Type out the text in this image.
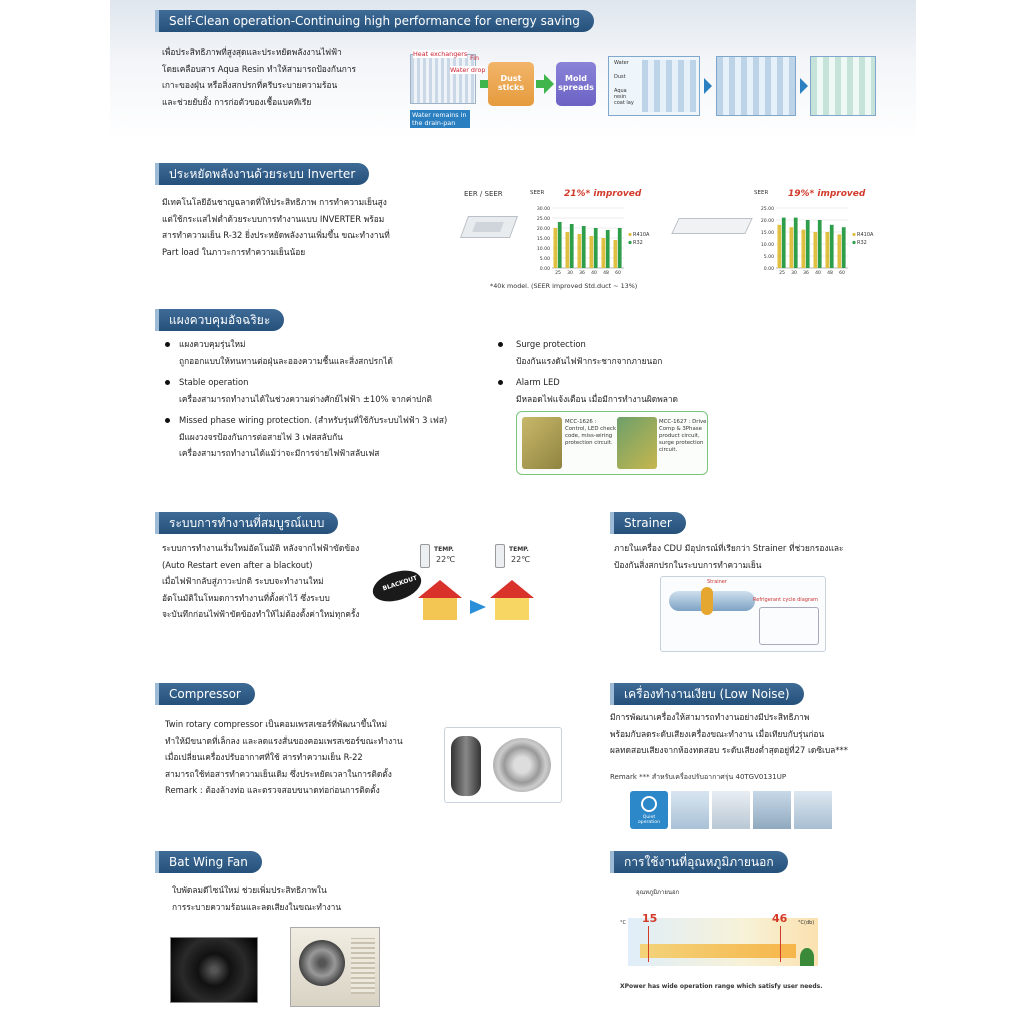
Self-Clean operation-Continuing high performance for energy saving
เพื่อประสิทธิภาพที่สูงสุดและประหยัดพลังงานไฟฟ้า
โดยเคลือบสาร Aqua Resin ทำให้สามารถป้องกันการ
เกาะของฝุ่น หรือสิ่งสกปรกที่ครีบระบายความร้อน
และช่วยยับยั้ง การก่อตัวของเชื้อแบคทีเรีย
Heat exchangers Fin
Water drop
Water remains in the drain-pan
Dust sticks
Mold spreads
Water
Dust
Aqua resin coat lay
ประหยัดพลังงานด้วยระบบ Inverter
มีเทคโนโลยีอันชาญฉลาดที่ให้ประสิทธิภาพ การทำความเย็นสูง
แต่ใช้กระแสไฟต่ำด้วยระบบการทำงานแบบ INVERTER พร้อม
สารทำความเย็น R-32 ยิ่งประหยัดพลังงานเพิ่มขึ้น ขณะทำงานที่
Part load ในภาวะการทำความเย็นน้อย
EER / SEER	SEER 21%* improved
0.00
5.00
10.00
15.00
20.00
25.00
30.00
25 30 36 40 48 60
R410A
R32
*40k model. (SEER improved Std.duct ~ 13%)
SEER 19%* improved
0.00
5.00
10.00
15.00
20.00
25.00
25 30 36 40 48 60
R410A
R32
แผงควบคุมอัจฉริยะ
แผงควบคุมรุ่นใหม่
ถูกออกแบบให้ทนทานต่อฝุ่นละอองความชื้นและสิ่งสกปรกได้
Stable operation
เครื่องสามารถทำงานได้ในช่วงความต่างศักย์ไฟฟ้า ±10% จากค่าปกติ
Missed phase wiring protection. (สำหรับรุ่นที่ใช้กับระบบไฟฟ้า 3 เฟส)
มีแผงวงจรป้องกันการต่อสายไฟ 3 เฟสสลับกัน
เครื่องสามารถทำงานได้แม้ว่าจะมีการจ่ายไฟฟ้าสลับเฟส
Surge protection
ป้องกันแรงดันไฟฟ้ากระชากจากภายนอก
Alarm LED
มีหลอดไฟแจ้งเตือน เมื่อมีการทำงานผิดพลาด
MCC-1626 : Control, LED check code, miss-wiring protection circuit.
MCC-1627 : Drive Comp & 3Phase product circuit, surge protection circuit.
ระบบการทำงานที่สมบูรณ์แบบ
ระบบการทำงานเริ่มใหม่อัตโนมัติ หลังจากไฟฟ้าขัดข้อง
(Auto Restart even after a blackout)
เมื่อไฟฟ้ากลับสู่ภาวะปกติ ระบบจะทำงานใหม่
อัตโนมัติในโหมดการทำงานที่ตั้งค่าไว้ ซึ่งระบบ
จะบันทึกก่อนไฟฟ้าขัดข้องทำให้ไม่ต้องตั้งค่าใหม่ทุกครั้ง
TEMP.
22℃
TEMP.
22℃
BLACKOUT
Strainer
ภายในเครื่อง CDU มีอุปกรณ์ที่เรียกว่า Strainer ที่ช่วยกรองและ
ป้องกันสิ่งสกปรกในระบบการทำความเย็น
Strainer
Refrigerant cycle diagram
Compressor
Twin rotary compressor เป็นคอมเพรสเซอร์ที่พัฒนาขึ้นใหม่
ทำให้มีขนาดที่เล็กลง และลดแรงสั่นของคอมเพรสเซอร์ขณะทำงาน
เมื่อเปลี่ยนเครื่องปรับอากาศที่ใช้ สารทำความเย็น R-22
สามารถใช้ท่อสารทำความเย็นเดิม ซึ่งประหยัดเวลาในการติดตั้ง
Remark : ต้องล้างท่อ และตรวจสอบขนาดท่อก่อนการติดตั้ง
เครื่องทำงานเงียบ (Low Noise)
มีการพัฒนาเครื่องให้สามารถทำงานอย่างมีประสิทธิภาพ
พร้อมกับลดระดับเสียงเครื่องขณะทำงาน เมื่อเทียบกับรุ่นก่อน
ผลทดสอบเสียงจากห้องทดสอบ ระดับเสียงต่ำสุดอยู่ที่27 เดซิเบล***
Remark *** สำหรับเครื่องปรับอากาศรุ่น 40TGV0131UP
Quiet operation
Bat Wing Fan
ใบพัดลมดีไซน์ใหม่ ช่วยเพิ่มประสิทธิภาพใน
การระบายความร้อนและลดเสียงในขณะทำงาน
การใช้งานที่อุณหภูมิภายนอก
อุณหภูมิภายนอก
15	46
°C	°C(db)
XPower has wide operation range which satisfy user needs.
